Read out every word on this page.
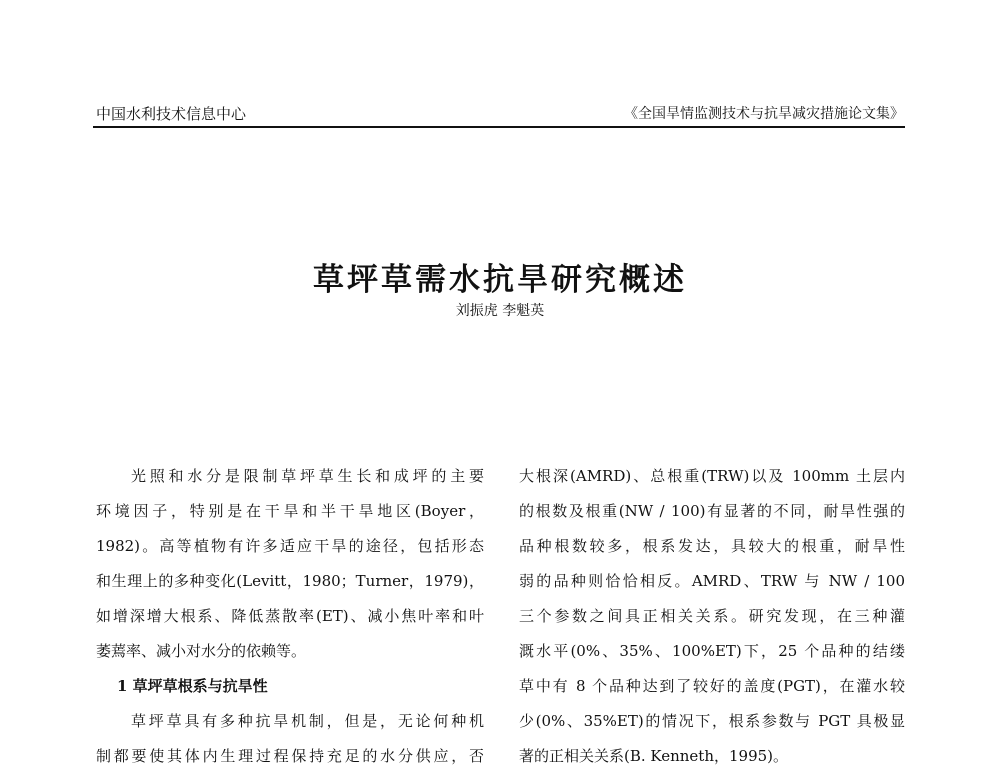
中国水利技术信息中心	《全国旱情监测技术与抗旱减灾措施论文集》
草坪草需水抗旱研究概述
刘振虎 李魁英
光照和水分是限制草坪草生长和成坪的主要
环境因子，特别是在干旱和半干旱地区(Boyer，
1982)。高等植物有许多适应干旱的途径，包括形态
和生理上的多种变化(Levitt，1980；Turner，1979)，
如增深增大根系、降低蒸散率(ET)、减小焦叶率和叶
萎蔫率、减小对水分的依赖等。
1 草坪草根系与抗旱性
草坪草具有多种抗旱机制，但是，无论何种机
制都要使其体内生理过程保持充足的水分供应，否
大根深(AMRD)、总根重(TRW)以及 100mm 土层内
的根数及根重(NW / 100)有显著的不同，耐旱性强的
品种根数较多，根系发达，具较大的根重，耐旱性
弱的品种则恰恰相反。AMRD、TRW 与 NW / 100
三个参数之间具正相关关系。研究发现，在三种灌
溉水平(0%、35%、100%ET)下，25 个品种的结缕
草中有 8 个品种达到了较好的盖度(PGT)，在灌水较
少(0%、35%ET)的情况下，根系参数与 PGT 具极显
著的正相关关系(B. Kenneth，1995)。
